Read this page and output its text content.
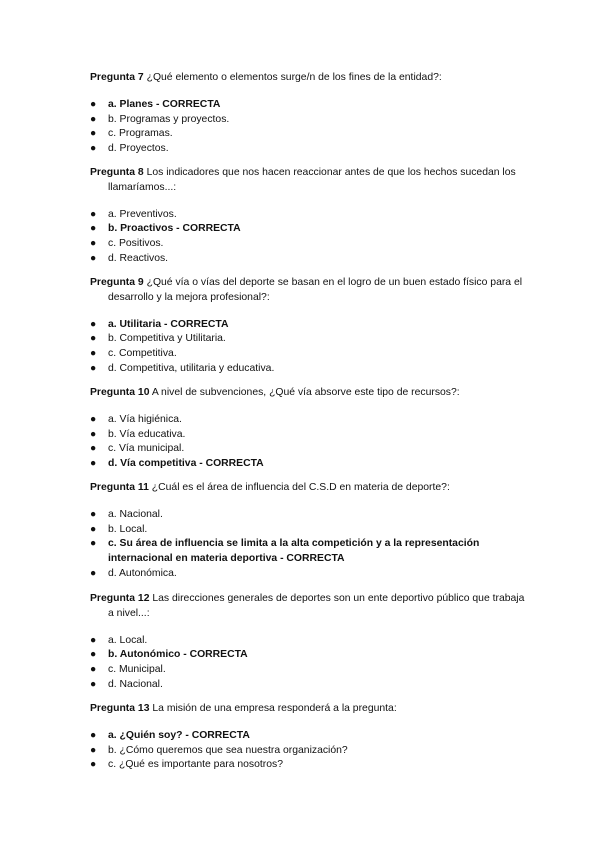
Pregunta 7 ¿Qué elemento o elementos surge/n de los fines de la entidad?:

● a. Planes - CORRECTA
● b. Programas y proyectos.
● c. Programas.
● d. Proyectos.

Pregunta 8 Los indicadores que nos hacen reaccionar antes de que los hechos sucedan los llamaríamos...:

● a. Preventivos.
● b. Proactivos - CORRECTA
● c. Positivos.
● d. Reactivos.

Pregunta 9 ¿Qué vía o vías del deporte se basan en el logro de un buen estado físico para el desarrollo y la mejora profesional?:

● a. Utilitaria - CORRECTA
● b. Competitiva y Utilitaria.
● c. Competitiva.
● d. Competitiva, utilitaria y educativa.

Pregunta 10 A nivel de subvenciones, ¿Qué vía absorve este tipo de recursos?:

● a. Vía higiénica.
● b. Vía educativa.
● c. Vía municipal.
● d. Vía competitiva - CORRECTA

Pregunta 11 ¿Cuál es el área de influencia del C.S.D en materia de deporte?:

● a. Nacional.
● b. Local.
● c. Su área de influencia se limita a la alta competición y a la representación internacional en materia deportiva - CORRECTA
● d. Autonómica.

Pregunta 12 Las direcciones generales de deportes son un ente deportivo público que trabaja a nivel...:

● a. Local.
● b. Autonómico - CORRECTA
● c. Municipal.
● d. Nacional.

Pregunta 13 La misión de una empresa responderá a la pregunta:

● a. ¿Quién soy? - CORRECTA
● b. ¿Cómo queremos que sea nuestra organización?
● c. ¿Qué es importante para nosotros?
